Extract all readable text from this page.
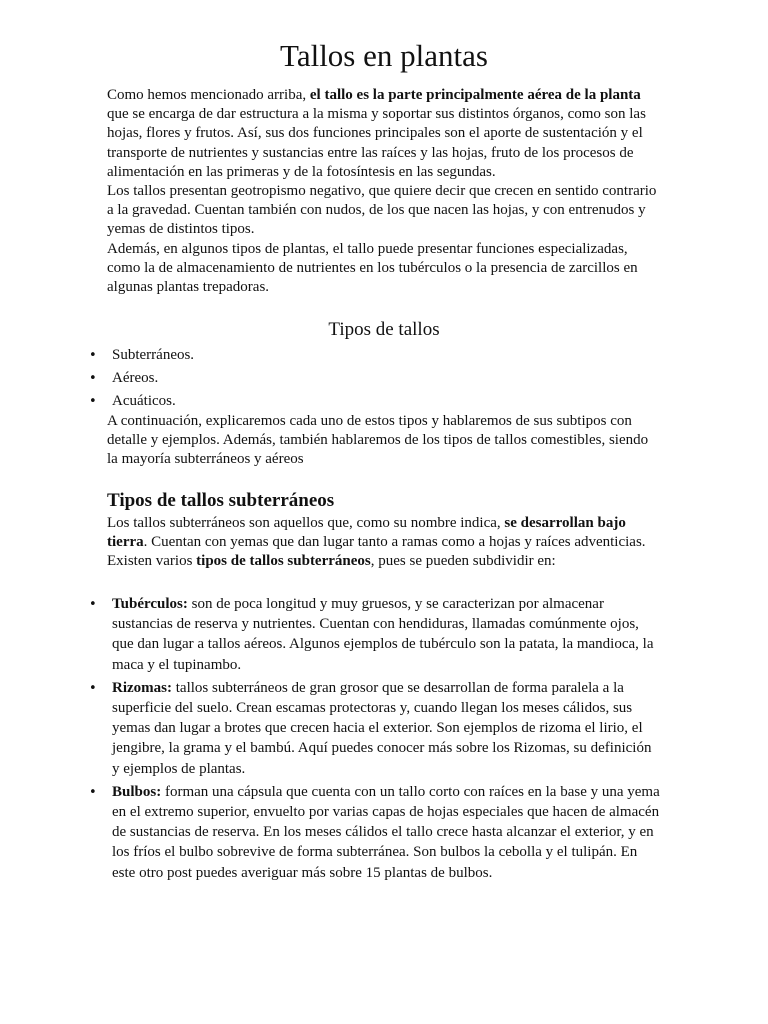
Tallos en plantas
Como hemos mencionado arriba, el tallo es la parte principalmente aérea de la planta que se encarga de dar estructura a la misma y soportar sus distintos órganos, como son las hojas, flores y frutos. Así, sus dos funciones principales son el aporte de sustentación y el transporte de nutrientes y sustancias entre las raíces y las hojas, fruto de los procesos de alimentación en las primeras y de la fotosíntesis en las segundas.
Los tallos presentan geotropismo negativo, que quiere decir que crecen en sentido contrario a la gravedad. Cuentan también con nudos, de los que nacen las hojas, y con entrenudos y yemas de distintos tipos.
Además, en algunos tipos de plantas, el tallo puede presentar funciones especializadas, como la de almacenamiento de nutrientes en los tubérculos o la presencia de zarcillos en algunas plantas trepadoras.
Tipos de tallos
• Subterráneos.
• Aéreos.
• Acuáticos.

A continuación, explicaremos cada uno de estos tipos y hablaremos de sus subtipos con detalle y ejemplos. Además, también hablaremos de los tipos de tallos comestibles, siendo la mayoría subterráneos y aéreos

Tipos de tallos subterráneos

Los tallos subterráneos son aquellos que, como su nombre indica, se desarrollan bajo tierra. Cuentan con yemas que dan lugar tanto a ramas como a hojas y raíces adventicias. Existen varios tipos de tallos subterráneos, pues se pueden subdividir en:

• Tubérculos: son de poca longitud y muy gruesos, y se caracterizan por almacenar sustancias de reserva y nutrientes. Cuentan con hendiduras, llamadas comúnmente ojos, que dan lugar a tallos aéreos. Algunos ejemplos de tubérculo son la patata, la mandioca, la maca y el tupinambo.
• Rizomas: tallos subterráneos de gran grosor que se desarrollan de forma paralela a la superficie del suelo. Crean escamas protectoras y, cuando llegan los meses cálidos, sus yemas dan lugar a brotes que crecen hacia el exterior. Son ejemplos de rizoma el lirio, el jengibre, la grama y el bambú. Aquí puedes conocer más sobre los Rizomas, su definición y ejemplos de plantas.
• Bulbos: forman una cápsula que cuenta con un tallo corto con raíces en la base y una yema en el extremo superior, envuelto por varias capas de hojas especiales que hacen de almacén de sustancias de reserva. En los meses cálidos el tallo crece hasta alcanzar el exterior, y en los fríos el bulbo sobrevive de forma subterránea. Son bulbos la cebolla y el tulipán. En este otro post puedes averiguar más sobre 15 plantas de bulbos.
